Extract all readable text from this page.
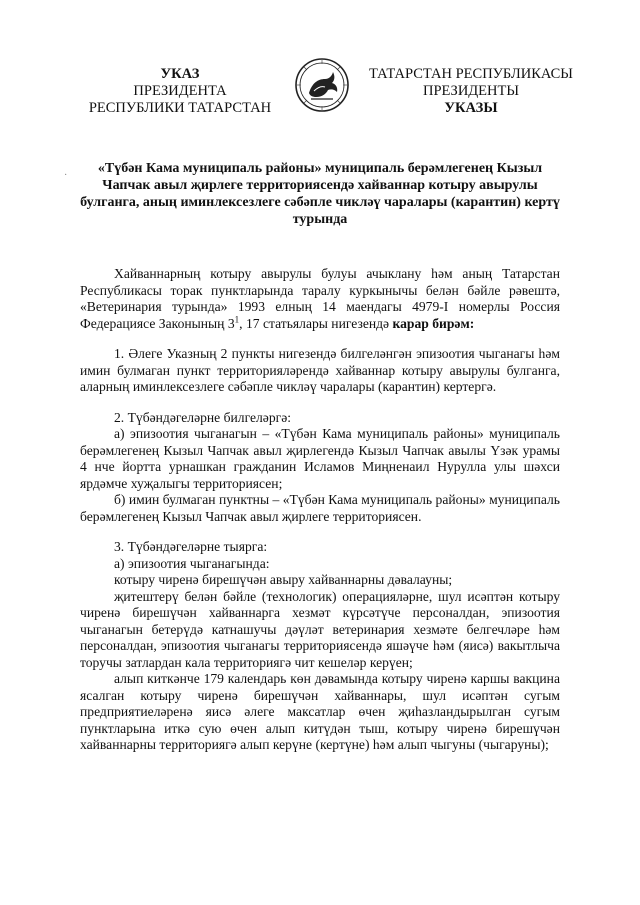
УКАЗ
ПРЕЗИДЕНТА
РЕСПУБЛИКИ ТАТАРСТАН
ТАТАРСТАН РЕСПУБЛИКАСЫ
ПРЕЗИДЕНТЫ
УКАЗЫ
·	«Түбән Кама муниципаль районы» муниципаль берәмлегенең Кызыл Чапчак авыл җирлеге территориясендә хайваннар котыру авырулы булганга, аның иминлексезлеге сәбәпле чикләү чаралары (карантин) кертү турында

Хайваннарның котыру авырулы булуы ачыклану һәм аның Татарстан Республикасы торак пунктларында таралу куркынычы белән бәйле рәвештә, «Ветеринария турында» 1993 елның 14 маендагы 4979-I номерлы Россия Федерациясе Законының $3^1$, 17 статьялары нигезендә карар бирәм:

1. Әлеге Указның 2 пункты нигезендә билгеләнгән эпизоотия чыганагы һәм имин булмаган пункт территорияләрендә хайваннар котыру авырулы булганга, аларның иминлексезлеге сәбәпле чикләү чаралары (карантин) кертергә.

2. Түбәндәгеләрне билгеләргә:

а) эпизоотия чыганагын – «Түбән Кама муниципаль районы» муниципаль берәмлегенең Кызыл Чапчак авыл җирлегендә Кызыл Чапчак авылы Үзәк урамы 4 нче йортта урнашкан гражданин Исламов Миңненаил Нурулла улы шәхси ярдәмче хуҗалыгы территориясен;

б) имин булмаган пунктны – «Түбән Кама муниципаль районы» муниципаль берәмлегенең Кызыл Чапчак авыл җирлеге территориясен.

3. Түбәндәгеләрне тыярга:

а) эпизоотия чыганагында:

котыру чиренә бирешүчән авыру хайваннарны дәвалауны;

җитештерү белән бәйле (технологик) операцияләрне, шул исәптән котыру чиренә бирешүчән хайваннарга хезмәт күрсәтүче персоналдан, эпизоотия чыганагын бетерүдә катнашучы дәүләт ветеринария хезмәте белгечләре һәм персоналдан, эпизоотия чыганагы территориясендә яшәүче һәм (яисә) вакытлыча торучы затлардан кала территориягә чит кешеләр керүен;

алып киткәнче 179 календарь көн дәвамында котыру чиренә каршы вакцина ясалган котыру чиренә бирешүчән хайваннары, шул исәптән сугым предприятиеләренә яисә әлеге максатлар өчен җиһазландырылган сугым пунктларына иткә сую өчен алып китүдән тыш, котыру чиренә бирешүчән хайваннарны территориягә алып керүне (кертүне) һәм алып чыгуны (чыгаруны);
